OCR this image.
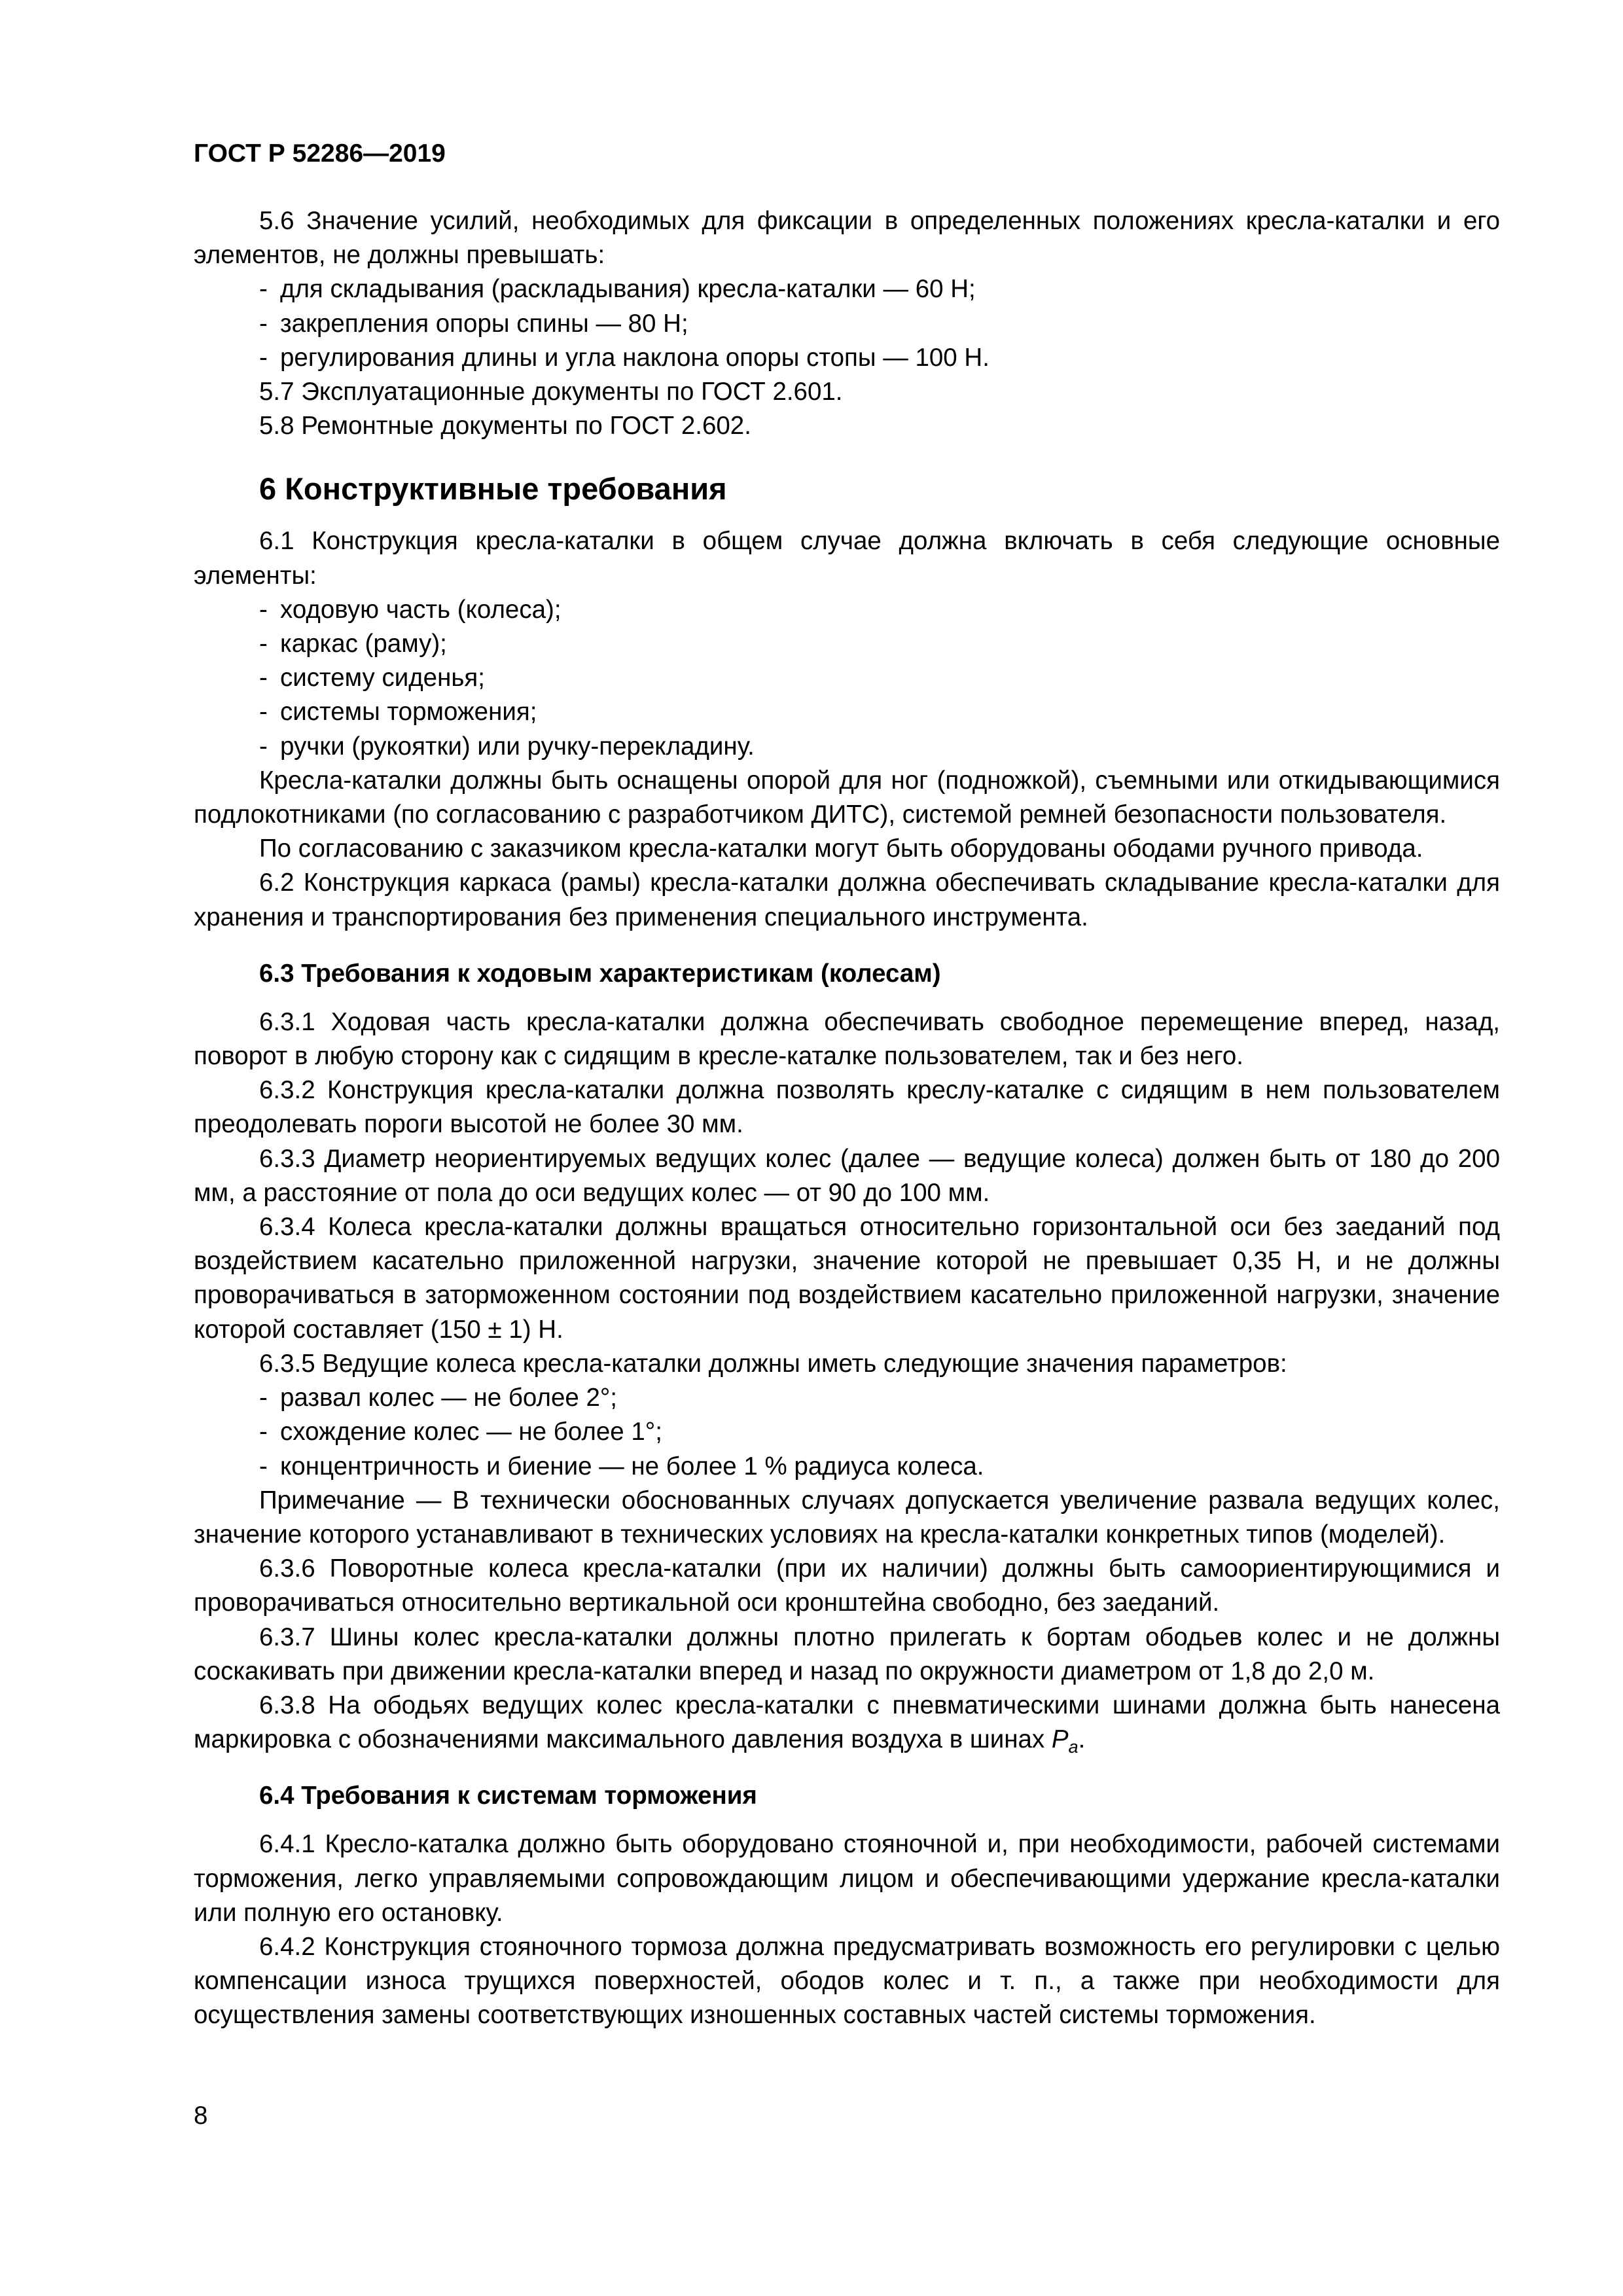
ГОСТ Р 52286—2019

5.6 Значение усилий, необходимых для фиксации в определенных положениях кресла-каталки и его элементов, не должны превышать:

- для складывания (раскладывания) кресла-каталки — 60 Н;

- закрепления опоры спины — 80 Н;

- регулирования длины и угла наклона опоры стопы — 100 Н.

5.7 Эксплуатационные документы по ГОСТ 2.601.

5.8 Ремонтные документы по ГОСТ 2.602.

6 Конструктивные требования

6.1 Конструкция кресла-каталки в общем случае должна включать в себя следующие основные элементы:

- ходовую часть (колеса);

- каркас (раму);

- систему сиденья;

- системы торможения;

- ручки (рукоятки) или ручку-перекладину.

Кресла-каталки должны быть оснащены опорой для ног (подножкой), съемными или откидывающимися подлокотниками (по согласованию с разработчиком ДИТС), системой ремней безопасности пользователя.

По согласованию с заказчиком кресла-каталки могут быть оборудованы ободами ручного привода.

6.2 Конструкция каркаса (рамы) кресла-каталки должна обеспечивать складывание кресла-каталки для хранения и транспортирования без применения специального инструмента.

6.3 Требования к ходовым характеристикам (колесам)

6.3.1 Ходовая часть кресла-каталки должна обеспечивать свободное перемещение вперед, назад, поворот в любую сторону как с сидящим в кресле-каталке пользователем, так и без него.

6.3.2 Конструкция кресла-каталки должна позволять креслу-каталке с сидящим в нем пользователем преодолевать пороги высотой не более 30 мм.

6.3.3 Диаметр неориентируемых ведущих колес (далее — ведущие колеса) должен быть от 180 до 200 мм, а расстояние от пола до оси ведущих колес — от 90 до 100 мм.

6.3.4 Колеса кресла-каталки должны вращаться относительно горизонтальной оси без заеданий под воздействием касательно приложенной нагрузки, значение которой не превышает 0,35 Н, и не должны проворачиваться в заторможенном состоянии под воздействием касательно приложенной нагрузки, значение которой составляет (150 ± 1) Н.

6.3.5 Ведущие колеса кресла-каталки должны иметь следующие значения параметров:

- развал колес — не более 2°;

- схождение колес — не более 1°;

- концентричность и биение — не более 1 % радиуса колеса.

Примечание — В технически обоснованных случаях допускается увеличение развала ведущих колес, значение которого устанавливают в технических условиях на кресла-каталки конкретных типов (моделей).

6.3.6 Поворотные колеса кресла-каталки (при их наличии) должны быть самоориентирующимися и проворачиваться относительно вертикальной оси кронштейна свободно, без заеданий.

6.3.7 Шины колес кресла-каталки должны плотно прилегать к бортам ободьев колес и не должны соскакивать при движении кресла-каталки вперед и назад по окружности диаметром от 1,8 до 2,0 м.

6.3.8 На ободьях ведущих колес кресла-каталки с пневматическими шинами должна быть нанесена маркировка с обозначениями максимального давления воздуха в шинах $P_a$.

6.4 Требования к системам торможения

6.4.1 Кресло-каталка должно быть оборудовано стояночной и, при необходимости, рабочей системами торможения, легко управляемыми сопровождающим лицом и обеспечивающими удержание кресла-каталки или полную его остановку.

6.4.2 Конструкция стояночного тормоза должна предусматривать возможность его регулировки с целью компенсации износа трущихся поверхностей, ободов колес и т. п., а также при необходимости для осуществления замены соответствующих изношенных составных частей системы торможения.

8
